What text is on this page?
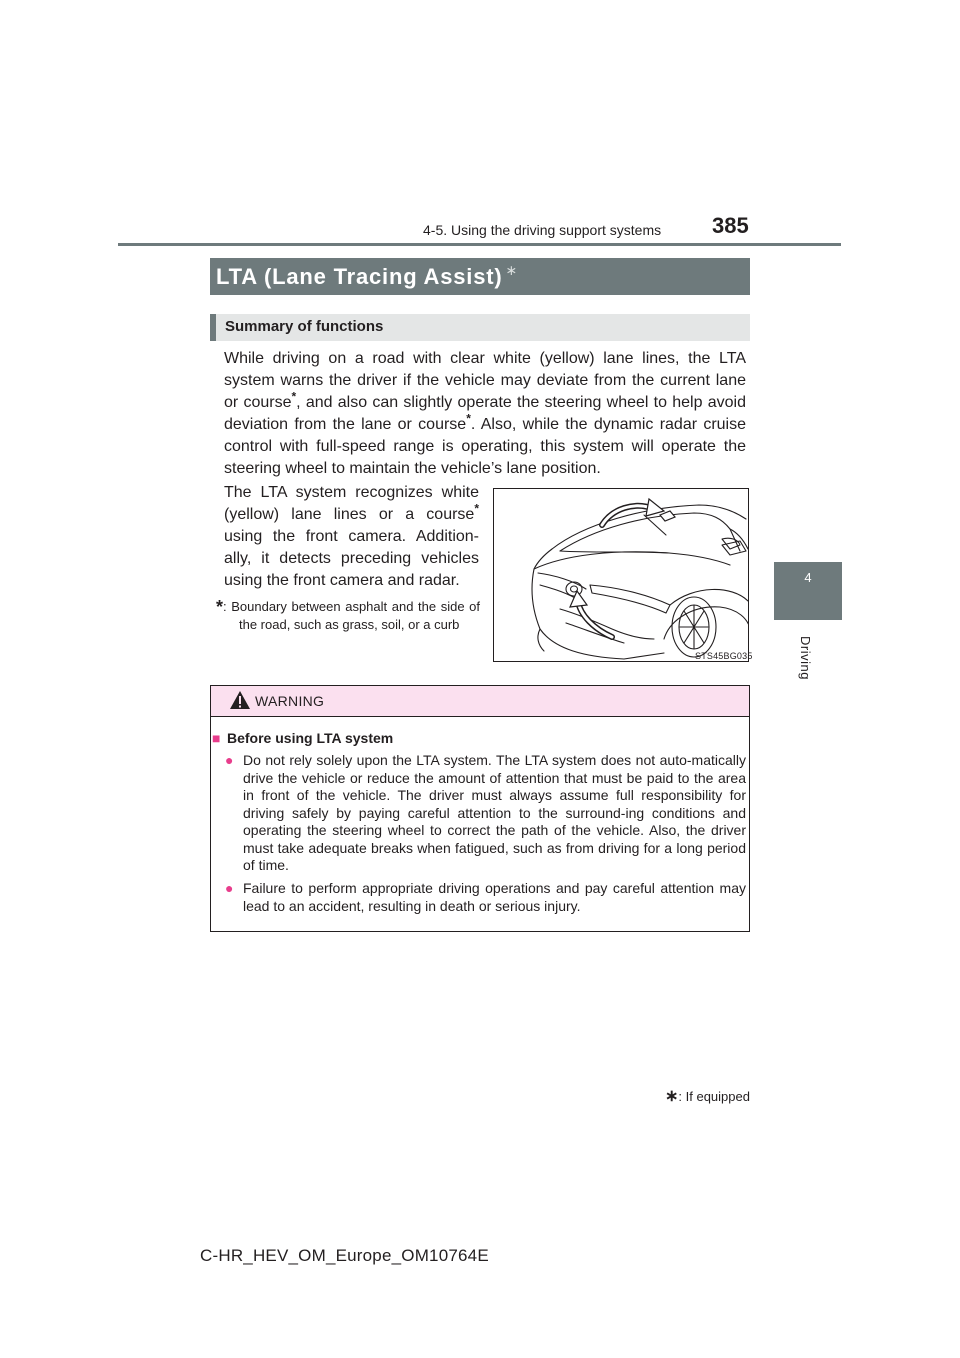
4-5. Using the driving support systems 385
4
Driving
LTA (Lane Tracing Assist) ∗
Summary of functions
While driving on a road with clear white (yellow) lane lines, the LTA system warns the driver if the vehicle may deviate from the current lane or course*, and also can slightly operate the steering wheel to help avoid deviation from the lane or course*. Also, while the dynamic radar cruise control with full-speed range is operating, this system will operate the steering wheel to maintain the vehicle’s lane position.
The LTA system recognizes white (yellow) lane lines or a course* using the front camera. Addition-ally, it detects preceding vehicles using the front camera and radar.
*: Boundary between asphalt and the side of the road, such as grass, soil, or a curb
STS45BG035
WARNING
■ Before using LTA system
● Do not rely solely upon the LTA system. The LTA system does not auto-matically drive the vehicle or reduce the amount of attention that must be paid to the area in front of the vehicle. The driver must always assume full responsibility for driving safely by paying careful attention to the surround-ing conditions and operating the steering wheel to correct the path of the vehicle. Also, the driver must take adequate breaks when fatigued, such as from driving for a long period of time.
● Failure to perform appropriate driving operations and pay careful attention may lead to an accident, resulting in death or serious injury.
∗: If equipped
C-HR_HEV_OM_Europe_OM10764E
